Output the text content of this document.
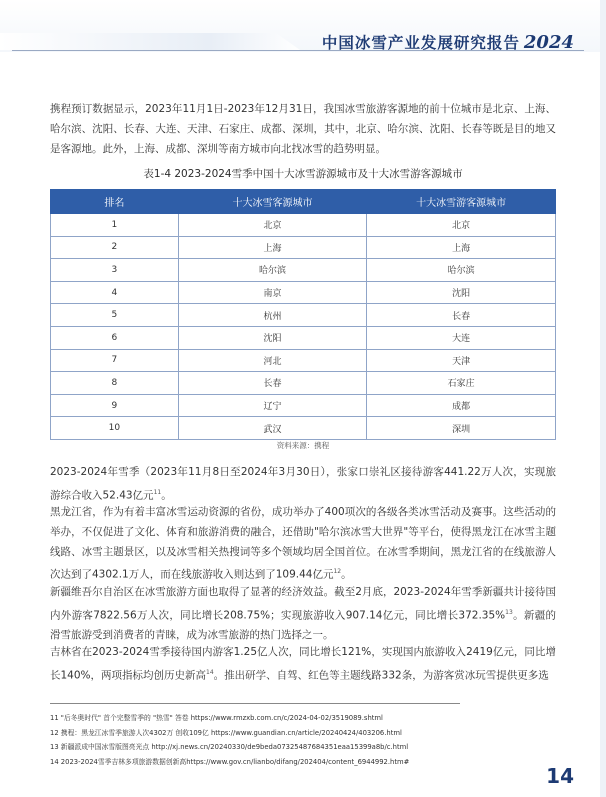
中国冰雪产业发展研究报告 2024
携程预订数据显示，2023年11月1日-2023年12月31日，我国冰雪旅游客源地的前十位城市是北京、上海、哈尔滨、沈阳、长春、大连、天津、石家庄、成都、深圳，其中，北京、哈尔滨、沈阳、长春等既是目的地又是客源地。此外，上海、成都、深圳等南方城市向北找冰雪的趋势明显。
表1-4 2023-2024雪季中国十大冰雪游源城市及十大冰雪游客源城市
排名	十大冰雪客源城市	十大冰雪游客源城市
1	北京	北京
2	上海	上海
3	哈尔滨	哈尔滨
4	南京	沈阳
5	杭州	长春
6	沈阳	大连
7	河北	天津
8	长春	石家庄
9	辽宁	成都
10	武汉	深圳
资料来源：携程
2023-2024年雪季（2023年11月8日至2024年3月30日），张家口崇礼区接待游客441.22万人次，实现旅游综合收入52.43亿元$^{11}$。
黑龙江省，作为有着丰富冰雪运动资源的省份，成功举办了400项次的各级各类冰雪活动及赛事。这些活动的举办，不仅促进了文化、体育和旅游消费的融合，还借助"哈尔滨冰雪大世界"等平台，使得黑龙江在冰雪主题线路、冰雪主题景区，以及冰雪相关热搜词等多个领域均居全国首位。在冰雪季期间，黑龙江省的在线旅游人次达到了4302.1万人，而在线旅游收入则达到了109.44亿元$^{12}$。
新疆维吾尔自治区在冰雪旅游方面也取得了显著的经济效益。截至2月底，2023-2024年雪季新疆共计接待国内外游客7822.56万人次，同比增长208.75%；实现旅游收入907.14亿元，同比增长372.35%$^{13}$。新疆的滑雪旅游受到消费者的青睐，成为冰雪旅游的热门选择之一。
吉林省在2023-2024雪季接待国内游客1.25亿人次，同比增长121%，实现国内旅游收入2419亿元，同比增长140%，两项指标均创历史新高$^{14}$。推出研学、自驾、红色等主题线路332条，为游客赏冰玩雪提供更多选
11 "后冬奥时代" 首个完整雪季的 "热雪" 答卷 https://www.rmzxb.com.cn/c/2024-04-02/3519089.shtml
12 携程：黑龙江冰雪季旅游人次4302万 创收109亿 https://www.guandian.cn/article/20240424/403206.html
13 新疆派成中国冰雪版图亮光点 http://xj.news.cn/20240330/de9beda07325487684351eaa15399a8b/c.html
14 2023-2024雪季吉林多项旅游数据创新高https://www.gov.cn/lianbo/difang/202404/content_6944992.htm#
14
